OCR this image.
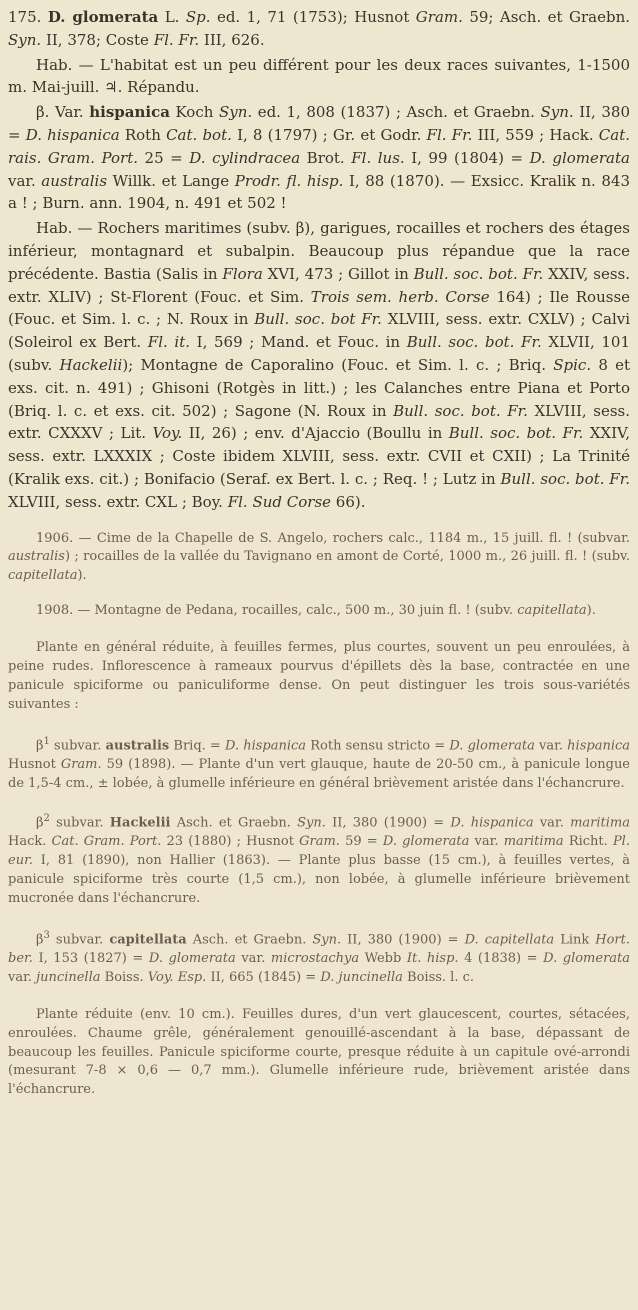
175. D. glomerata L. Sp. ed. 1, 71 (1753); Husnot Gram. 59; Asch. et Graebn. Syn. II, 378; Coste Fl. Fr. III, 626.

Hab. — L'habitat est un peu différent pour les deux races suivantes, 1-1500 m. Mai-juill. ♃. Répandu.

β. Var. hispanica Koch Syn. ed. 1, 808 (1837) ; Asch. et Graebn. Syn. II, 380 = D. hispanica Roth Cat. bot. I, 8 (1797) ; Gr. et Godr. Fl. Fr. III, 559 ; Hack. Cat. rais. Gram. Port. 25 = D. cylindracea Brot. Fl. lus. I, 99 (1804) = D. glomerata var. australis Willk. et Lange Prodr. fl. hisp. I, 88 (1870). — Exsicc. Kralik n. 843 a ! ; Burn. ann. 1904, n. 491 et 502 !

Hab. — Rochers maritimes (subv. β), garigues, rocailles et rochers des étages inférieur, montagnard et subalpin. Beaucoup plus répandue que la race précédente. Bastia (Salis in Flora XVI, 473 ; Gillot in Bull. soc. bot. Fr. XXIV, sess. extr. XLIV) ; St-Florent (Fouc. et Sim. Trois sem. herb. Corse 164) ; Ile Rousse (Fouc. et Sim. l. c. ; N. Roux in Bull. soc. bot Fr. XLVIII, sess. extr. CXLV) ; Calvi (Soleirol ex Bert. Fl. it. I, 569 ; Mand. et Fouc. in Bull. soc. bot. Fr. XLVII, 101 (subv. Hackelii); Montagne de Caporalino (Fouc. et Sim. l. c. ; Briq. Spic. 8 et exs. cit. n. 491) ; Ghisoni (Rotgès in litt.) ; les Calanches entre Piana et Porto (Briq. l. c. et exs. cit. 502) ; Sagone (N. Roux in Bull. soc. bot. Fr. XLVIII, sess. extr. CXXXV ; Lit. Voy. II, 26) ; env. d'Ajaccio (Boullu in Bull. soc. bot. Fr. XXIV, sess. extr. LXXXIX ; Coste ibidem XLVIII, sess. extr. CVII et CXII) ; La Trinité (Kralik exs. cit.) ; Bonifacio (Seraf. ex Bert. l. c. ; Req. ! ; Lutz in Bull. soc. bot. Fr. XLVIII, sess. extr. CXL ; Boy. Fl. Sud Corse 66).

1906. — Cime de la Chapelle de S. Angelo, rochers calc., 1184 m., 15 juill. fl. ! (subvar. australis) ; rocailles de la vallée du Tavignano en amont de Corté, 1000 m., 26 juill. fl. ! (subv. capitellata).

1908. — Montagne de Pedana, rocailles, calc., 500 m., 30 juin fl. ! (subv. capitellata).

Plante en général réduite, à feuilles fermes, plus courtes, souvent un peu enroulées, à peine rudes. Inflorescence à rameaux pourvus d'épillets dès la base, contractée en une panicule spiciforme ou paniculiforme dense. On peut distinguer les trois sous-variétés suivantes :

$\beta^1$ subvar. australis Briq. = D. hispanica Roth sensu stricto = D. glomerata var. hispanica Husnot Gram. 59 (1898). — Plante d'un vert glauque, haute de 20-50 cm., à panicule longue de 1,5-4 cm., ± lobée, à glumelle inférieure en général brièvement aristée dans l'échancrure.

$\beta^2$ subvar. Hackelii Asch. et Graebn. Syn. II, 380 (1900) = D. hispanica var. maritima Hack. Cat. Gram. Port. 23 (1880) ; Husnot Gram. 59 = D. glomerata var. maritima Richt. Pl. eur. I, 81 (1890), non Hallier (1863). — Plante plus basse (15 cm.), à feuilles vertes, à panicule spiciforme très courte (1,5 cm.), non lobée, à glumelle inférieure brièvement mucronée dans l'échancrure.

$\beta^3$ subvar. capitellata Asch. et Graebn. Syn. II, 380 (1900) = D. capitellata Link Hort. ber. I, 153 (1827) = D. glomerata var. microstachya Webb It. hisp. 4 (1838) = D. glomerata var. juncinella Boiss. Voy. Esp. II, 665 (1845) = D. juncinella Boiss. l. c.

Plante réduite (env. 10 cm.). Feuilles dures, d'un vert glaucescent, courtes, sétacées, enroulées. Chaume grêle, généralement genouillé-ascendant à la base, dépassant de beaucoup les feuilles. Panicule spiciforme courte, presque réduite à un capitule ové-arrondi (mesurant 7-8 × 0,6 — 0,7 mm.). Glumelle inférieure rude, brièvement aristée dans l'échancrure.
